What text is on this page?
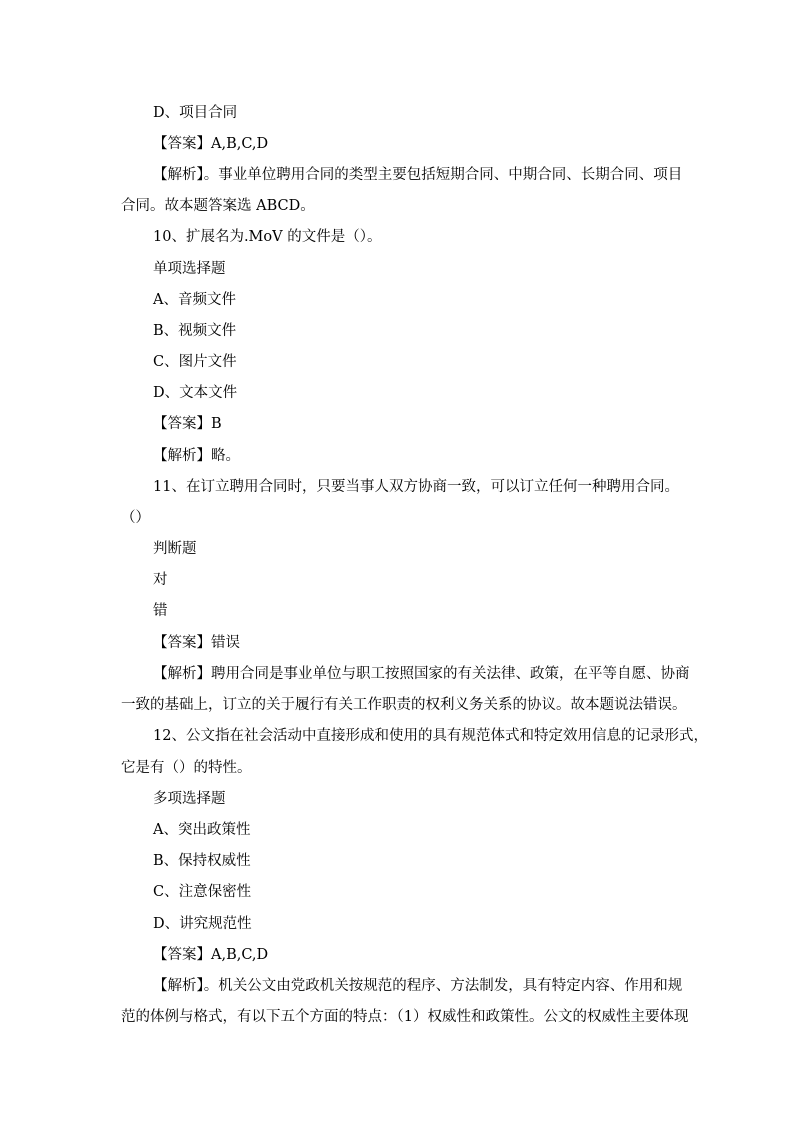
D、项目合同
【答案】A,B,C,D
【解析】。事业单位聘用合同的类型主要包括短期合同、中期合同、长期合同、项目
合同。故本题答案选 ABCD。
10、扩展名为.MoV 的文件是（）。
单项选择题
A、音频文件
B、视频文件
C、图片文件
D、文本文件
【答案】B
【解析】略。
11、在订立聘用合同时，只要当事人双方协商一致，可以订立任何一种聘用合同。
（）
判断题
对
错
【答案】错误
【解析】聘用合同是事业单位与职工按照国家的有关法律、政策，在平等自愿、协商
一致的基础上，订立的关于履行有关工作职责的权利义务关系的协议。故本题说法错误。
12、公文指在社会活动中直接形成和使用的具有规范体式和特定效用信息的记录形式，
它是有（）的特性。
多项选择题
A、突出政策性
B、保持权威性
C、注意保密性
D、讲究规范性
【答案】A,B,C,D
【解析】。机关公文由党政机关按规范的程序、方法制发，具有特定内容、作用和规
范的体例与格式，有以下五个方面的特点：（1）权威性和政策性。公文的权威性主要体现
